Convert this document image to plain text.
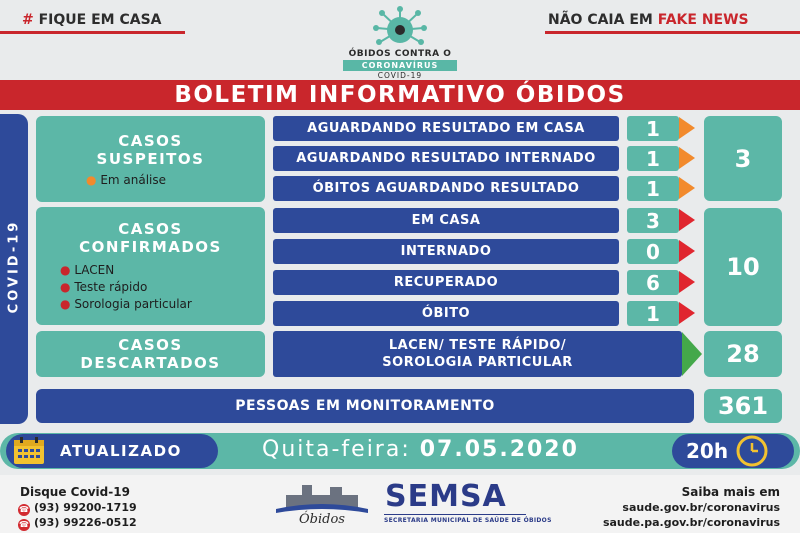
# FIQUE EM CASA	NÃO CAIA EM FAKE NEWS
ÓBIDOS CONTRA O
CORONAVÍRUS
COVID-19
BOLETIM INFORMATIVO ÓBIDOS
COVID-19
CASOS
SUSPEITOS
● Em análise
AGUARDANDO RESULTADO EM CASA	1
AGUARDANDO RESULTADO INTERNADO	1
ÓBITOS AGUARDANDO RESULTADO	1
3
CASOS
CONFIRMADOS
● LACEN
● Teste rápido
● Sorologia particular
EM CASA	3
INTERNADO	0
RECUPERADO	6
ÓBITO	1
10
CASOS
DESCARTADOS
LACEN/ TESTE RÁPIDO/
SOROLOGIA PARTICULAR	28
PESSOAS EM MONITORAMENTO	361
ATUALIZADO	Quita-feira: 07.05.2020	20h
Disque Covid-19
☎ (93) 99200-1719
☎ (93) 99226-0512	Óbidos
SEMSA
SECRETARIA MUNICIPAL DE SAÚDE DE ÓBIDOS
Saiba mais em
saude.gov.br/coronavirus
saude.pa.gov.br/coronavirus
